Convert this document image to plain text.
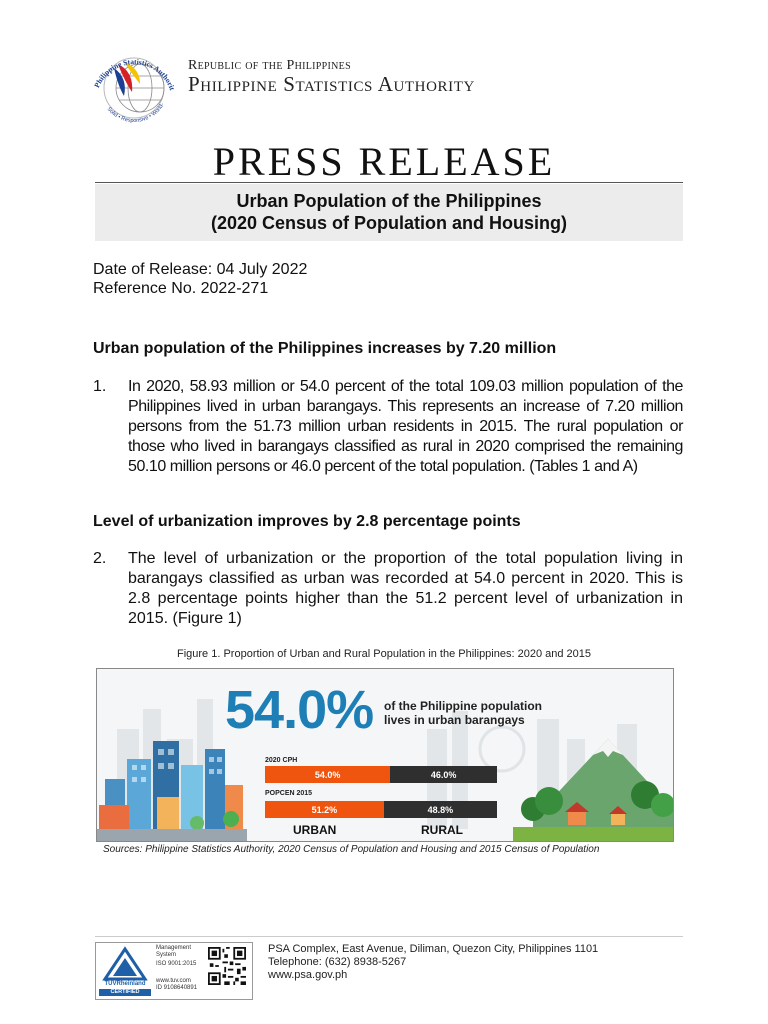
Philippine Statistics Authorit
Solid • Responsive • World-
Republic of the Philippines
Philippine Statistics Authority
PRESS RELEASE
Urban Population of the Philippines
(2020 Census of Population and Housing)
Date of Release: 04 July 2022
Reference No. 2022-271
Urban population of the Philippines increases by 7.20 million
1. In 2020, 58.93 million or 54.0 percent of the total 109.03 million population of the Philippines lived in urban barangays. This represents an increase of 7.20 million persons from the 51.73 million urban residents in 2015. The rural population or those who lived in barangays classified as rural in 2020 comprised the remaining 50.10 million persons or 46.0 percent of the total population. (Tables 1 and A)
Level of urbanization improves by 2.8 percentage points
2. The level of urbanization or the proportion of the total population living in barangays classified as urban was recorded at 54.0 percent in 2020. This is 2.8 percentage points higher than the 51.2 percent level of urbanization in 2015. (Figure 1)
Figure 1. Proportion of Urban and Rural Population in the Philippines: 2020 and 2015
54.0% of the Philippine population
lives in urban barangays
2020 CPH
54.0%	46.0%
POPCEN 2015
51.2%	48.8%
URBAN	RURAL
Sources: Philippine Statistics Authority, 2020 Census of Population and Housing and 2015 Census of Population
TÜVRheinland
CERTIFIED
Management
System
ISO 9001:2015
www.tuv.com
ID 9108640891
PSA Complex, East Avenue, Diliman, Quezon City, Philippines 1101
Telephone: (632) 8938-5267
www.psa.gov.ph
